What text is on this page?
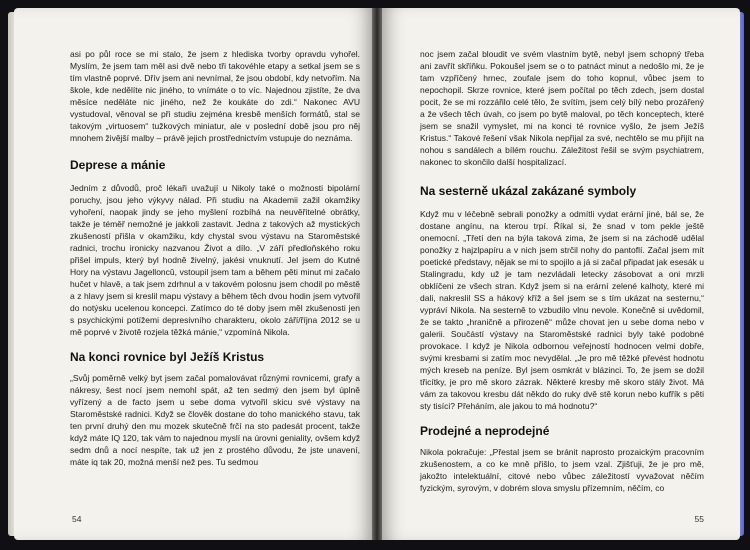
asi po půl roce se mi stalo, že jsem z hlediska tvorby opravdu vyhořel. Myslím, že jsem tam měl asi dvě nebo tři takovéhle etapy a setkal jsem se s tím vlastně poprvé. Dřív jsem ani nevnímal, že jsou období, kdy netvořím. Na škole, kde nedělíte nic jiného, to vnímáte o to víc. Najednou zjistíte, že dva měsíce neděláte nic jiného, než že koukáte do zdi.“ Nakonec AVU vystudoval, věnoval se při studiu zejména kresbě menších formátů, stal se takovým „virtuosem“ tužkových miniatur, ale v poslední době jsou pro něj mnohem živější malby – právě jejich prostřednictvím vstupuje do neznáma.

Deprese a mánie

Jedním z důvodů, proč lékaři uvažují u Nikoly také o možnosti bipolární poruchy, jsou jeho výkyvy nálad. Při studiu na Akademii zažil okamžiky vyhoření, naopak jindy se jeho myšlení rozbíhá na neuvěřitelné obrátky, takže je téměř nemožné je jakkoli zastavit. Jedna z takových až mystických zkušeností přišla v okamžiku, kdy chystal svou výstavu na Staroměstské radnici, trochu ironicky nazvanou Život a dílo. „V září předloňského roku přišel impuls, který byl hodně živelný, jakési vnuknutí. Jel jsem do Kutné Hory na výstavu Jagelloncû, vstoupil jsem tam a během pěti minut mi začalo hučet v hlavě, a tak jsem zdrhnul a v takovém polosnu jsem chodil po městě a z hlavy jsem si kreslil mapu výstavy a během těch dvou hodin jsem vytvořil do notýsku ucelenou koncepci. Zatímco do té doby jsem měl zkušenosti jen s psychickými potížemi depresivního charakteru, okolo září/října 2012 se u mě poprvé v životě rozjela těžká mánie,“ vzpomíná Nikola.

Na konci rovnice byl Ježíš Kristus

„Svůj poměrně velký byt jsem začal pomalovávat různými rovnicemi, grafy a nákresy, šest nocí jsem nemohl spát, až ten sedmý den jsem byl úplně vyřízený a de facto jsem u sebe doma vytvořil skicu své výstavy na Staroměstské radnici. Když se člověk dostane do toho manického stavu, tak ten první druhý den mu mozek skutečně frčí na sto padesát procent, takže když máte IQ 120, tak vám to najednou myslí na úrovni geniality, ovšem když sedm dnů a nocí nespíte, tak už jen z prostého důvodu, že jste unavení, máte iq tak 20, možná menší než pes. Tu sedmou

54

noc jsem začal bloudit ve svém vlastním bytě, nebyl jsem schopný třeba ani zavřít skříňku. Pokoušel jsem se o to patnáct minut a nedošlo mi, že je tam vzpříčený hrnec, zoufale jsem do toho kopnul, vůbec jsem to nepochopil. Skrze rovnice, které jsem počítal po těch zdech, jsem dostal pocit, že se mi rozzářilo celé tělo, že svítím, jsem celý bílý nebo prozářený a že všech těch úvah, co jsem po bytě maloval, po těch koncepteсh, které jsem se snažil vymyslet, mi na konci té rovnice vyšlo, že jsem Ježíš Kristus.“ Takové řešení však Nikola nepřijal za své, nechtělo se mu přijít na nohou s sandálech a bílém rouchu. Záležitost řešil se svým psychiatrem, nakonec to skončilo další hospitalizací.

Na sesterně ukázal zakázané symboly

Když mu v léčebně sebrali ponožky a odmítli vydat erární jiné, bál se, že dostane angínu, na kterou trpí. Říkal si, že snad v tom pekle ještě onemocní. „Třetí den na býla taková zima, že jsem si na záchodě udělal ponožky z hajzlpapíru a v nich jsem strčil nohy do pantoflí. Začal jsem mít poetické představy, nějak se mi to spojilo a já si začal připadat jak esesák u Stalingradu, kdy už je tam nezvládali letecky zásobovat a oni mrzli obklíčeni ze všech stran. Když jsem si na erární zelené kalhoty, které mi dali, nakreslil SS a hákový kříž a šel jsem se s tím ukázat na sesternu,“ vypráví Nikola. Na sesterně to vzbudilo vlnu nevole. Konečně si uvědomil, že se takto „hraničně a přirozeně“ může chovat jen u sebe doma nebo v galerii. Součástí výstavy na Staroměstské radnici byly také podobné provokace. I když je Nikola odbornou veřejností hodnocen velmi dobře, svými kresbami si zatím moc nevydělal. „Je pro mě těžké převést hodnotu mých kreseb na peníze. Byl jsem osmkrát v blázinci. To, že jsem se dožil třicítky, je pro mě skoro zázrak. Některé kresby mě skoro stály život. Má vám za takovou kresbu dát někdo do ruky dvě stě korun nebo kufřík s pěti sty tisíci? Přeháním, ale jakou to má hodnotu?“

Prodejné a neprodejné

Nikola pokračuje: „Přestal jsem se bránit naprosto prozaickým pracovním zkušenostem, a co ke mně přišlo, to jsem vzal. Zjišťuji, že je pro mě, jakožto intelektuální, citové nebo vůbec záležitostí vyvažovat něčím fyzickým, syrovým, v dobrém slova smyslu přízemním, něčím, co

55
